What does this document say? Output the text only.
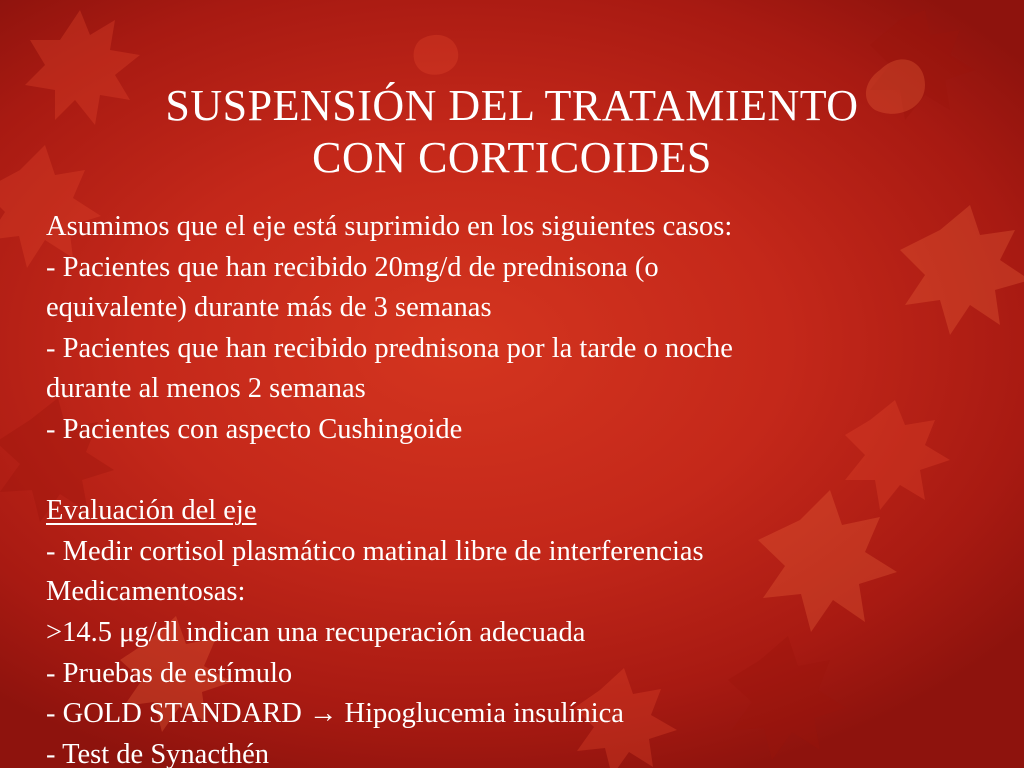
SUSPENSIÓN DEL TRATAMIENTO
CON CORTICOIDES
Asumimos que el eje está suprimido en los siguientes casos:
- Pacientes que han recibido 20mg/d de prednisona (o
equivalente) durante más de 3 semanas
- Pacientes que han recibido prednisona por la tarde o noche
durante al menos 2 semanas
- Pacientes con aspecto Cushingoide
Evaluación del eje
- Medir cortisol plasmático matinal libre de interferencias
Medicamentosas:
>14.5 μg/dl indican una recuperación adecuada
- Pruebas de estímulo
- GOLD STANDARD → Hipoglucemia insulínica
- Test de Synacthén
